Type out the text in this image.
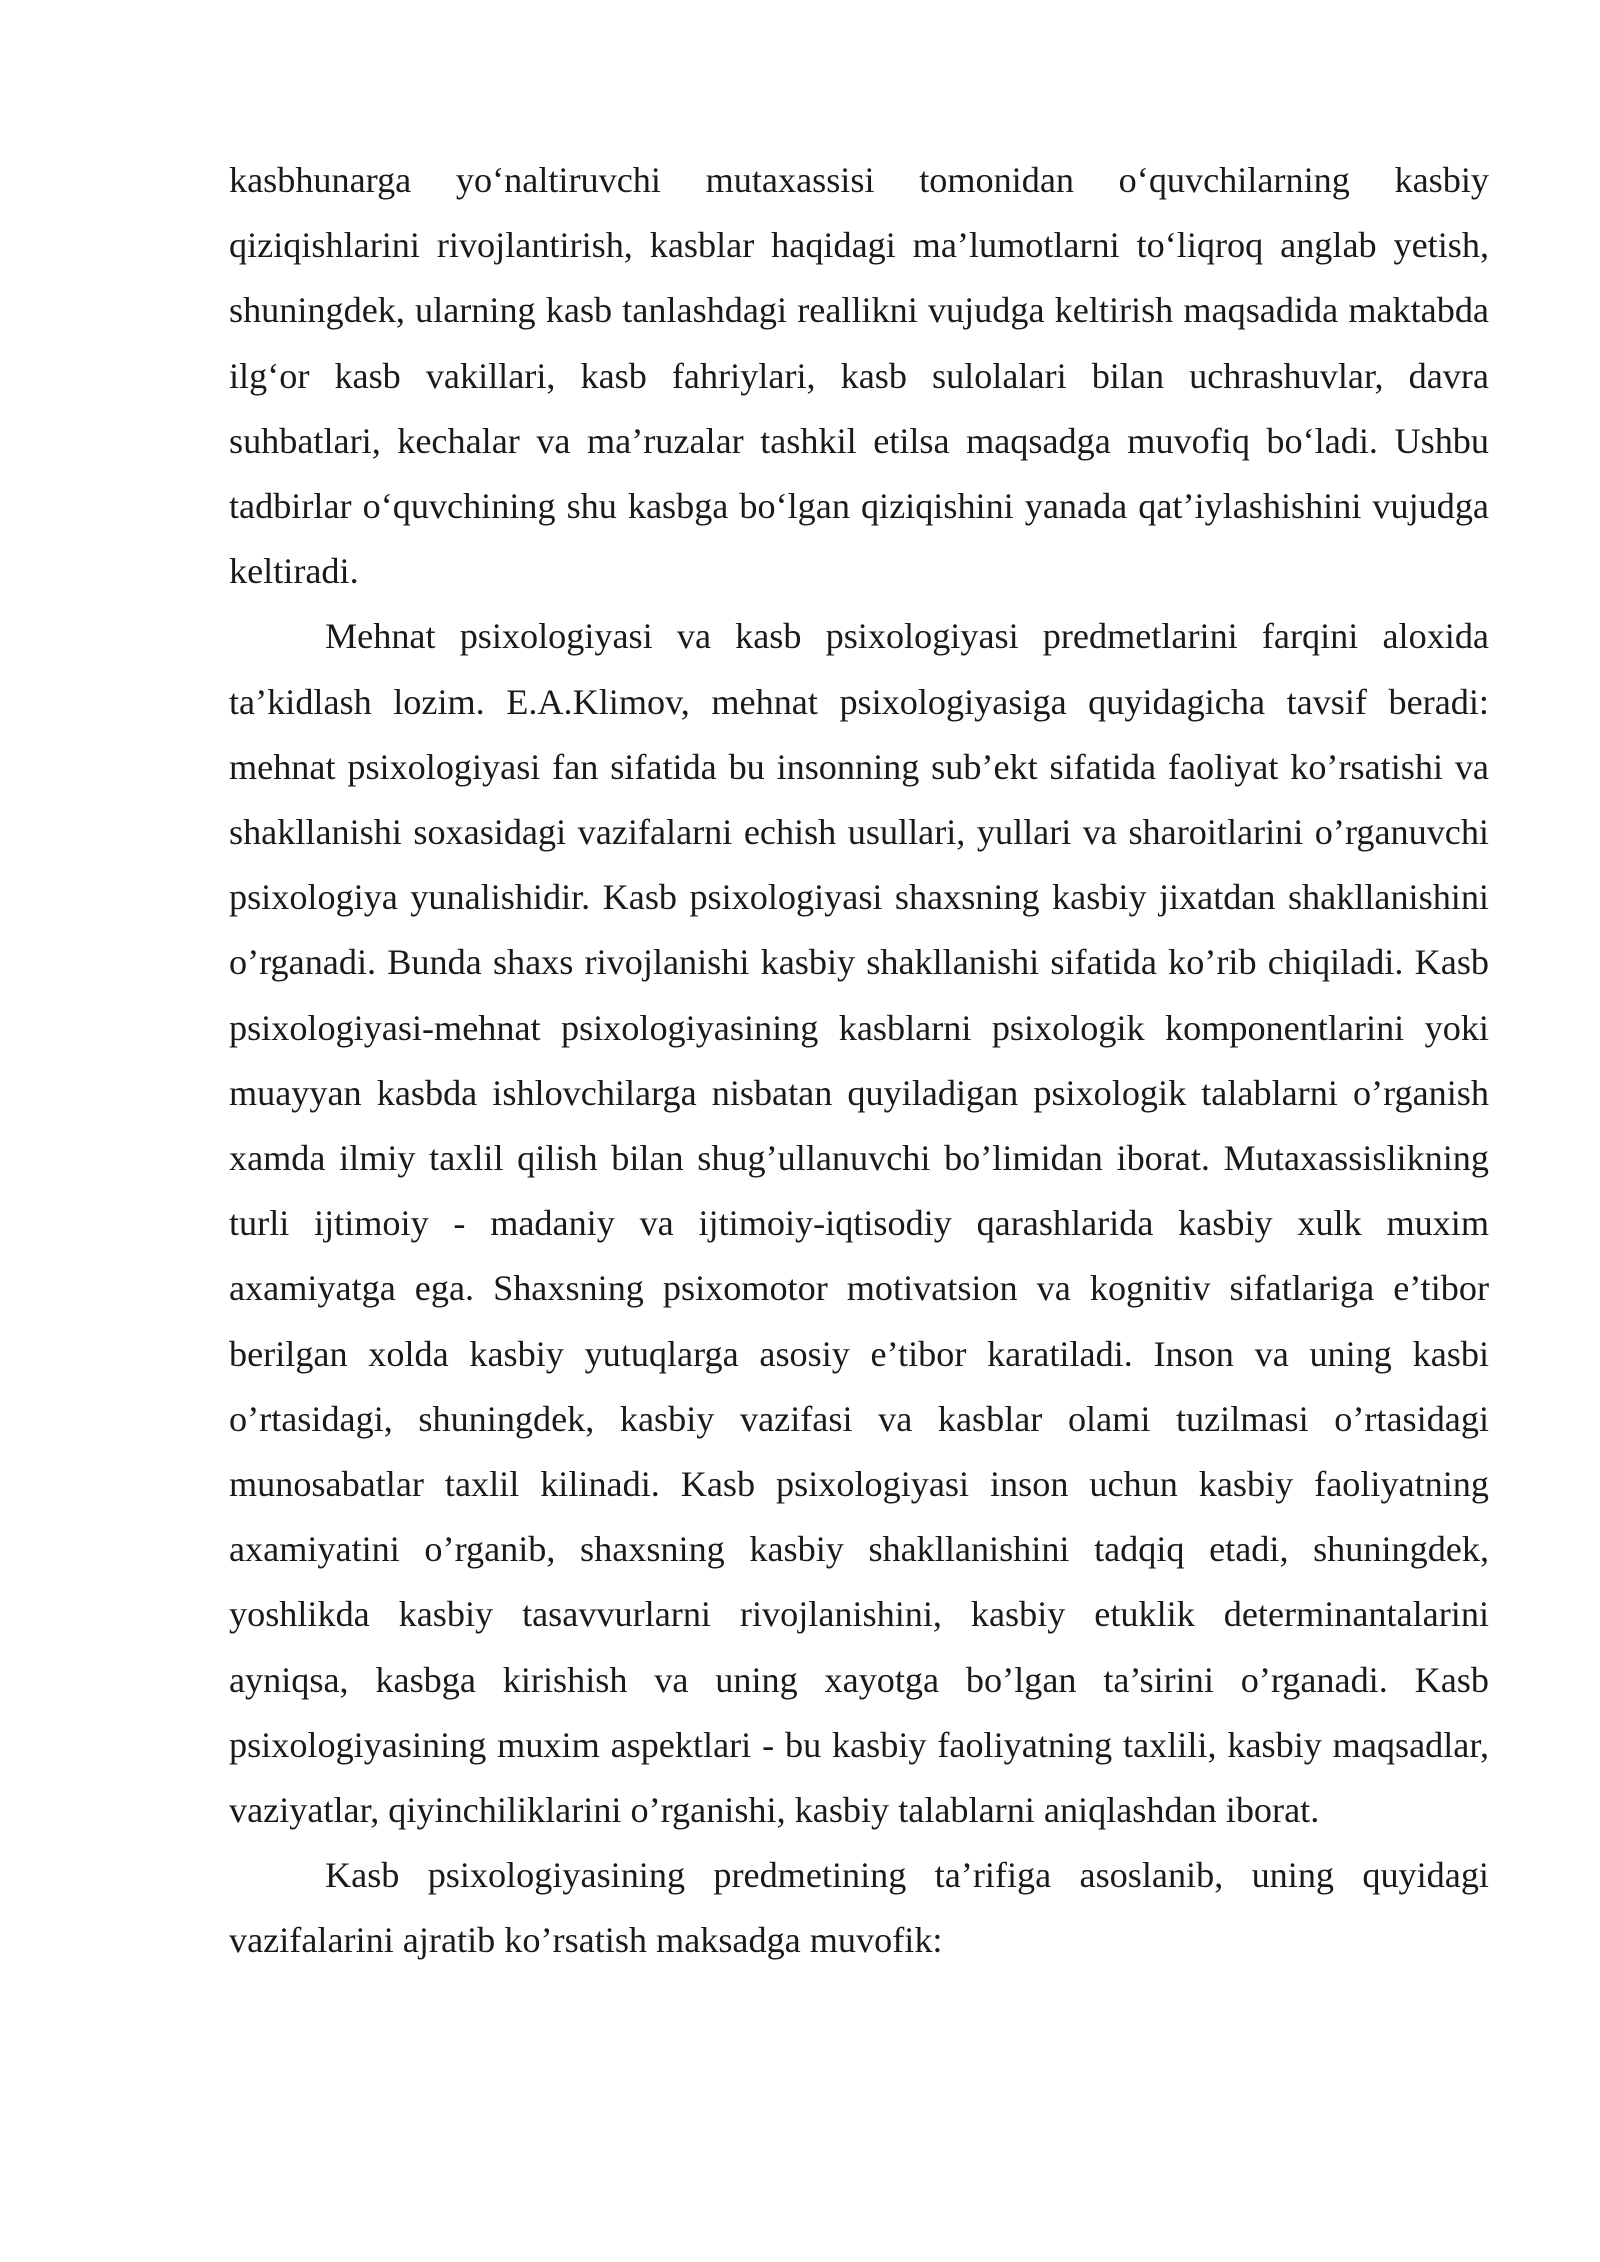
kasbhunarga yo‘naltiruvchi mutaxassisi tomonidan o‘quvchilarning kasbiy qiziqishlarini rivojlantirish, kasblar haqidagi ma’lumotlarni to‘liqroq anglab yetish, shuningdek, ularning kasb tanlashdagi reallikni vujudga keltirish maqsadida maktabda ilg‘or kasb vakillari, kasb fahriylari, kasb sulolalari bilan uchrashuvlar, davra suhbatlari, kechalar va ma’ruzalar tashkil etilsa maqsadga muvofiq bo‘ladi. Ushbu tadbirlar o‘quvchining shu kasbga bo‘lgan qiziqishini yanada qat’iylashishini vujudga keltiradi.

Mehnat psixologiyasi va kasb psixologiyasi predmetlarini farqini aloxida ta’kidlash lozim. E.A.Klimov, mehnat psixologiyasiga quyidagicha tavsif beradi: mehnat psixologiyasi fan sifatida bu insonning sub’ekt sifatida faoliyat ko’rsatishi va shakllanishi soxasidagi vazifalarni echish usullari, yullari va sharoitlarini o’rganuvchi psixologiya yunalishidir. Kasb psixologiyasi shaxsning kasbiy jixatdan shakllanishini o’rganadi. Bunda shaxs rivojlanishi kasbiy shakllanishi sifatida ko’rib chiqiladi. Kasb psixologiyasi-mehnat psixologiyasining kasblarni psixologik komponentlarini yoki muayyan kasbda ishlovchilarga nisbatan quyiladigan psixologik talablarni o’rganish xamda ilmiy taxlil qilish bilan shug’ullanuvchi bo’limidan iborat. Mutaxassislikning turli ijtimoiy - madaniy va ijtimoiy-iqtisodiy qarashlarida kasbiy xulk muxim axamiyatga ega. Shaxsning psixomotor motivatsion va kognitiv sifatlariga e’tibor berilgan xolda kasbiy yutuqlarga asosiy e’tibor karatiladi. Inson va uning kasbi o’rtasidagi, shuningdek, kasbiy vazifasi va kasblar olami tuzilmasi o’rtasidagi munosabatlar taxlil kilinadi. Kasb psixologiyasi inson uchun kasbiy faoliyatning axamiyatini o’rganib, shaxsning kasbiy shakllanishini tadqiq etadi, shuningdek, yoshlikda kasbiy tasavvurlarni rivojlanishini, kasbiy etuklik determinantalarini ayniqsa, kasbga kirishish va uning xayotga bo’lgan ta’sirini o’rganadi. Kasb psixologiyasining muxim aspektlari - bu kasbiy faoliyatning taxlili, kasbiy maqsadlar, vaziyatlar, qiyinchiliklarini o’rganishi, kasbiy talablarni aniqlashdan iborat.

Kasb psixologiyasining predmetining ta’rifiga asoslanib, uning quyidagi vazifalarini ajratib ko’rsatish maksadga muvofik:
